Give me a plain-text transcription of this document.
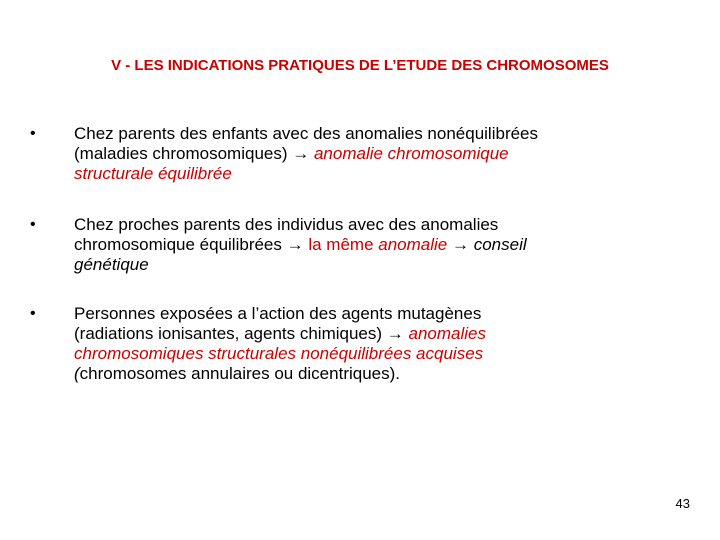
V - LES INDICATIONS PRATIQUES DE L’ETUDE DES CHROMOSOMES
• Chez parents des enfants avec des anomalies nonéquilibrées
(maladies chromosomiques) → anomalie chromosomique
structurale équilibrée
• Chez proches parents des individus avec des anomalies
chromosomique équilibrées → la même anomalie → conseil
génétique
• Personnes exposées a l’action des agents mutagènes
(radiations ionisantes, agents chimiques) → anomalies
chromosomiques structurales nonéquilibrées acquises
(chromosomes annulaires ou dicentriques).
43
